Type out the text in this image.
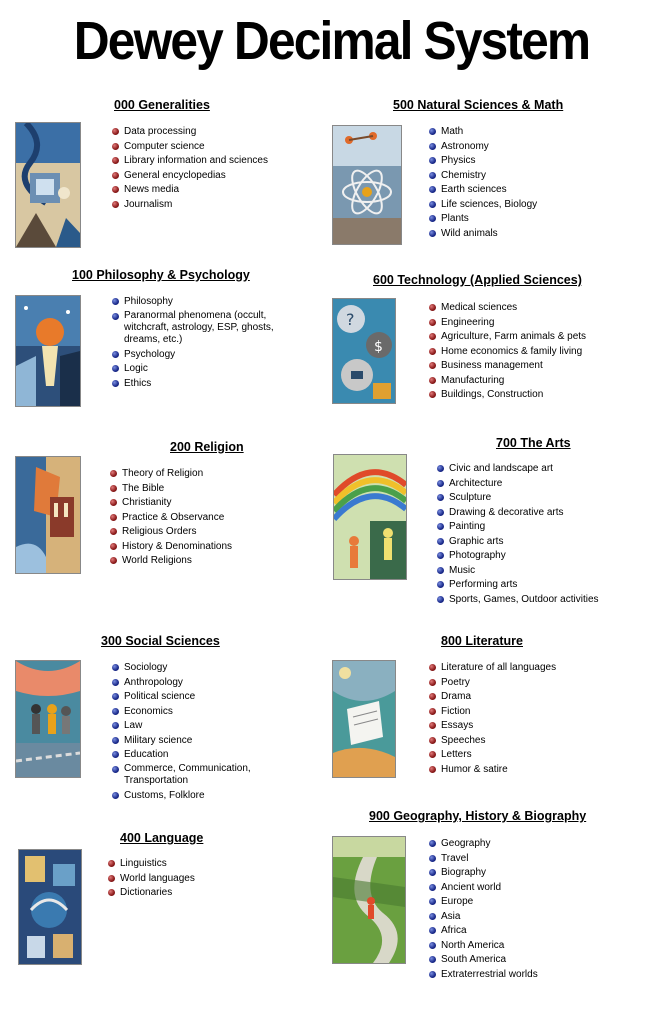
Dewey Decimal System
000 Generalities
Data processing
Computer science
Library information and sciences
General encyclopedias
News media
Journalism
100 Philosophy & Psychology
Philosophy
Paranormal phenomena (occult, witchcraft, astrology, ESP, ghosts, dreams, etc.)
Psychology
Logic
Ethics
200 Religion
Theory of Religion
The Bible
Christianity
Practice & Observance
Religious Orders
History & Denominations
World Religions
300 Social Sciences
Sociology
Anthropology
Political science
Economics
Law
Military science
Education
Commerce, Communication, Transportation
Customs, Folklore
400 Language
Linguistics
World languages
Dictionaries
500 Natural Sciences & Math
Math
Astronomy
Physics
Chemistry
Earth sciences
Life sciences, Biology
Plants
Wild animals
600 Technology (Applied Sciences)
?
$
Medical sciences
Engineering
Agriculture, Farm animals & pets
Home economics & family living
Business management
Manufacturing
Buildings, Construction
700 The Arts
Civic and landscape art
Architecture
Sculpture
Drawing & decorative arts
Painting
Graphic arts
Photography
Music
Performing arts
Sports, Games, Outdoor activities
800 Literature
Literature of all languages
Poetry
Drama
Fiction
Essays
Speeches
Letters
Humor & satire
900 Geography, History & Biography
Geography
Travel
Biography
Ancient world
Europe
Asia
Africa
North America
South America
Extraterrestrial worlds
